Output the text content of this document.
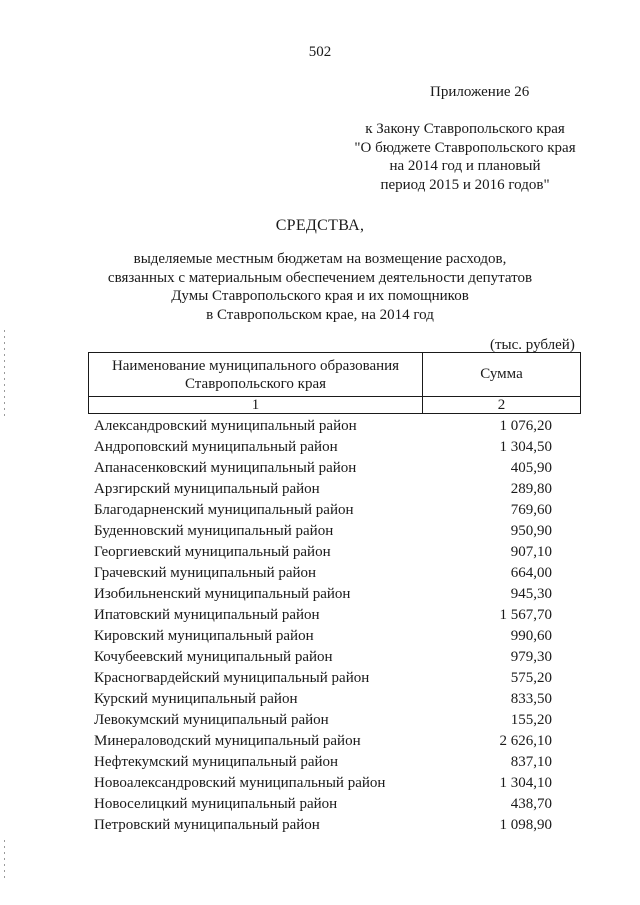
502
Приложение 26
к Закону Ставропольского края
"О бюджете Ставропольского края
на 2014 год и плановый
период 2015 и 2016 годов"
СРЕДСТВА,
выделяемые местным бюджетам на возмещение расходов,
связанных с материальным обеспечением деятельности депутатов
Думы Ставропольского края и их помощников
в Ставропольском крае, на 2014 год
(тыс. рублей)
Наименование муниципального образования
Ставропольского края	Сумма
1	2
Александровский муниципальный район	1 076,20
Андроповский муниципальный район	1 304,50
Апанасенковский муниципальный район	405,90
Арзгирский муниципальный район	289,80
Благодарненский муниципальный район	769,60
Буденновский муниципальный район	950,90
Георгиевский муниципальный район	907,10
Грачевский муниципальный район	664,00
Изобильненский муниципальный район	945,30
Ипатовский муниципальный район	1 567,70
Кировский муниципальный район	990,60
Кочубеевский муниципальный район	979,30
Красногвардейский муниципальный район	575,20
Курский муниципальный район	833,50
Левокумский муниципальный район	155,20
Минераловодский муниципальный район	2 626,10
Нефтекумский муниципальный район	837,10
Новоалександровский муниципальный район	1 304,10
Новоселицкий муниципальный район	438,70
Петровский муниципальный район	1 098,90
